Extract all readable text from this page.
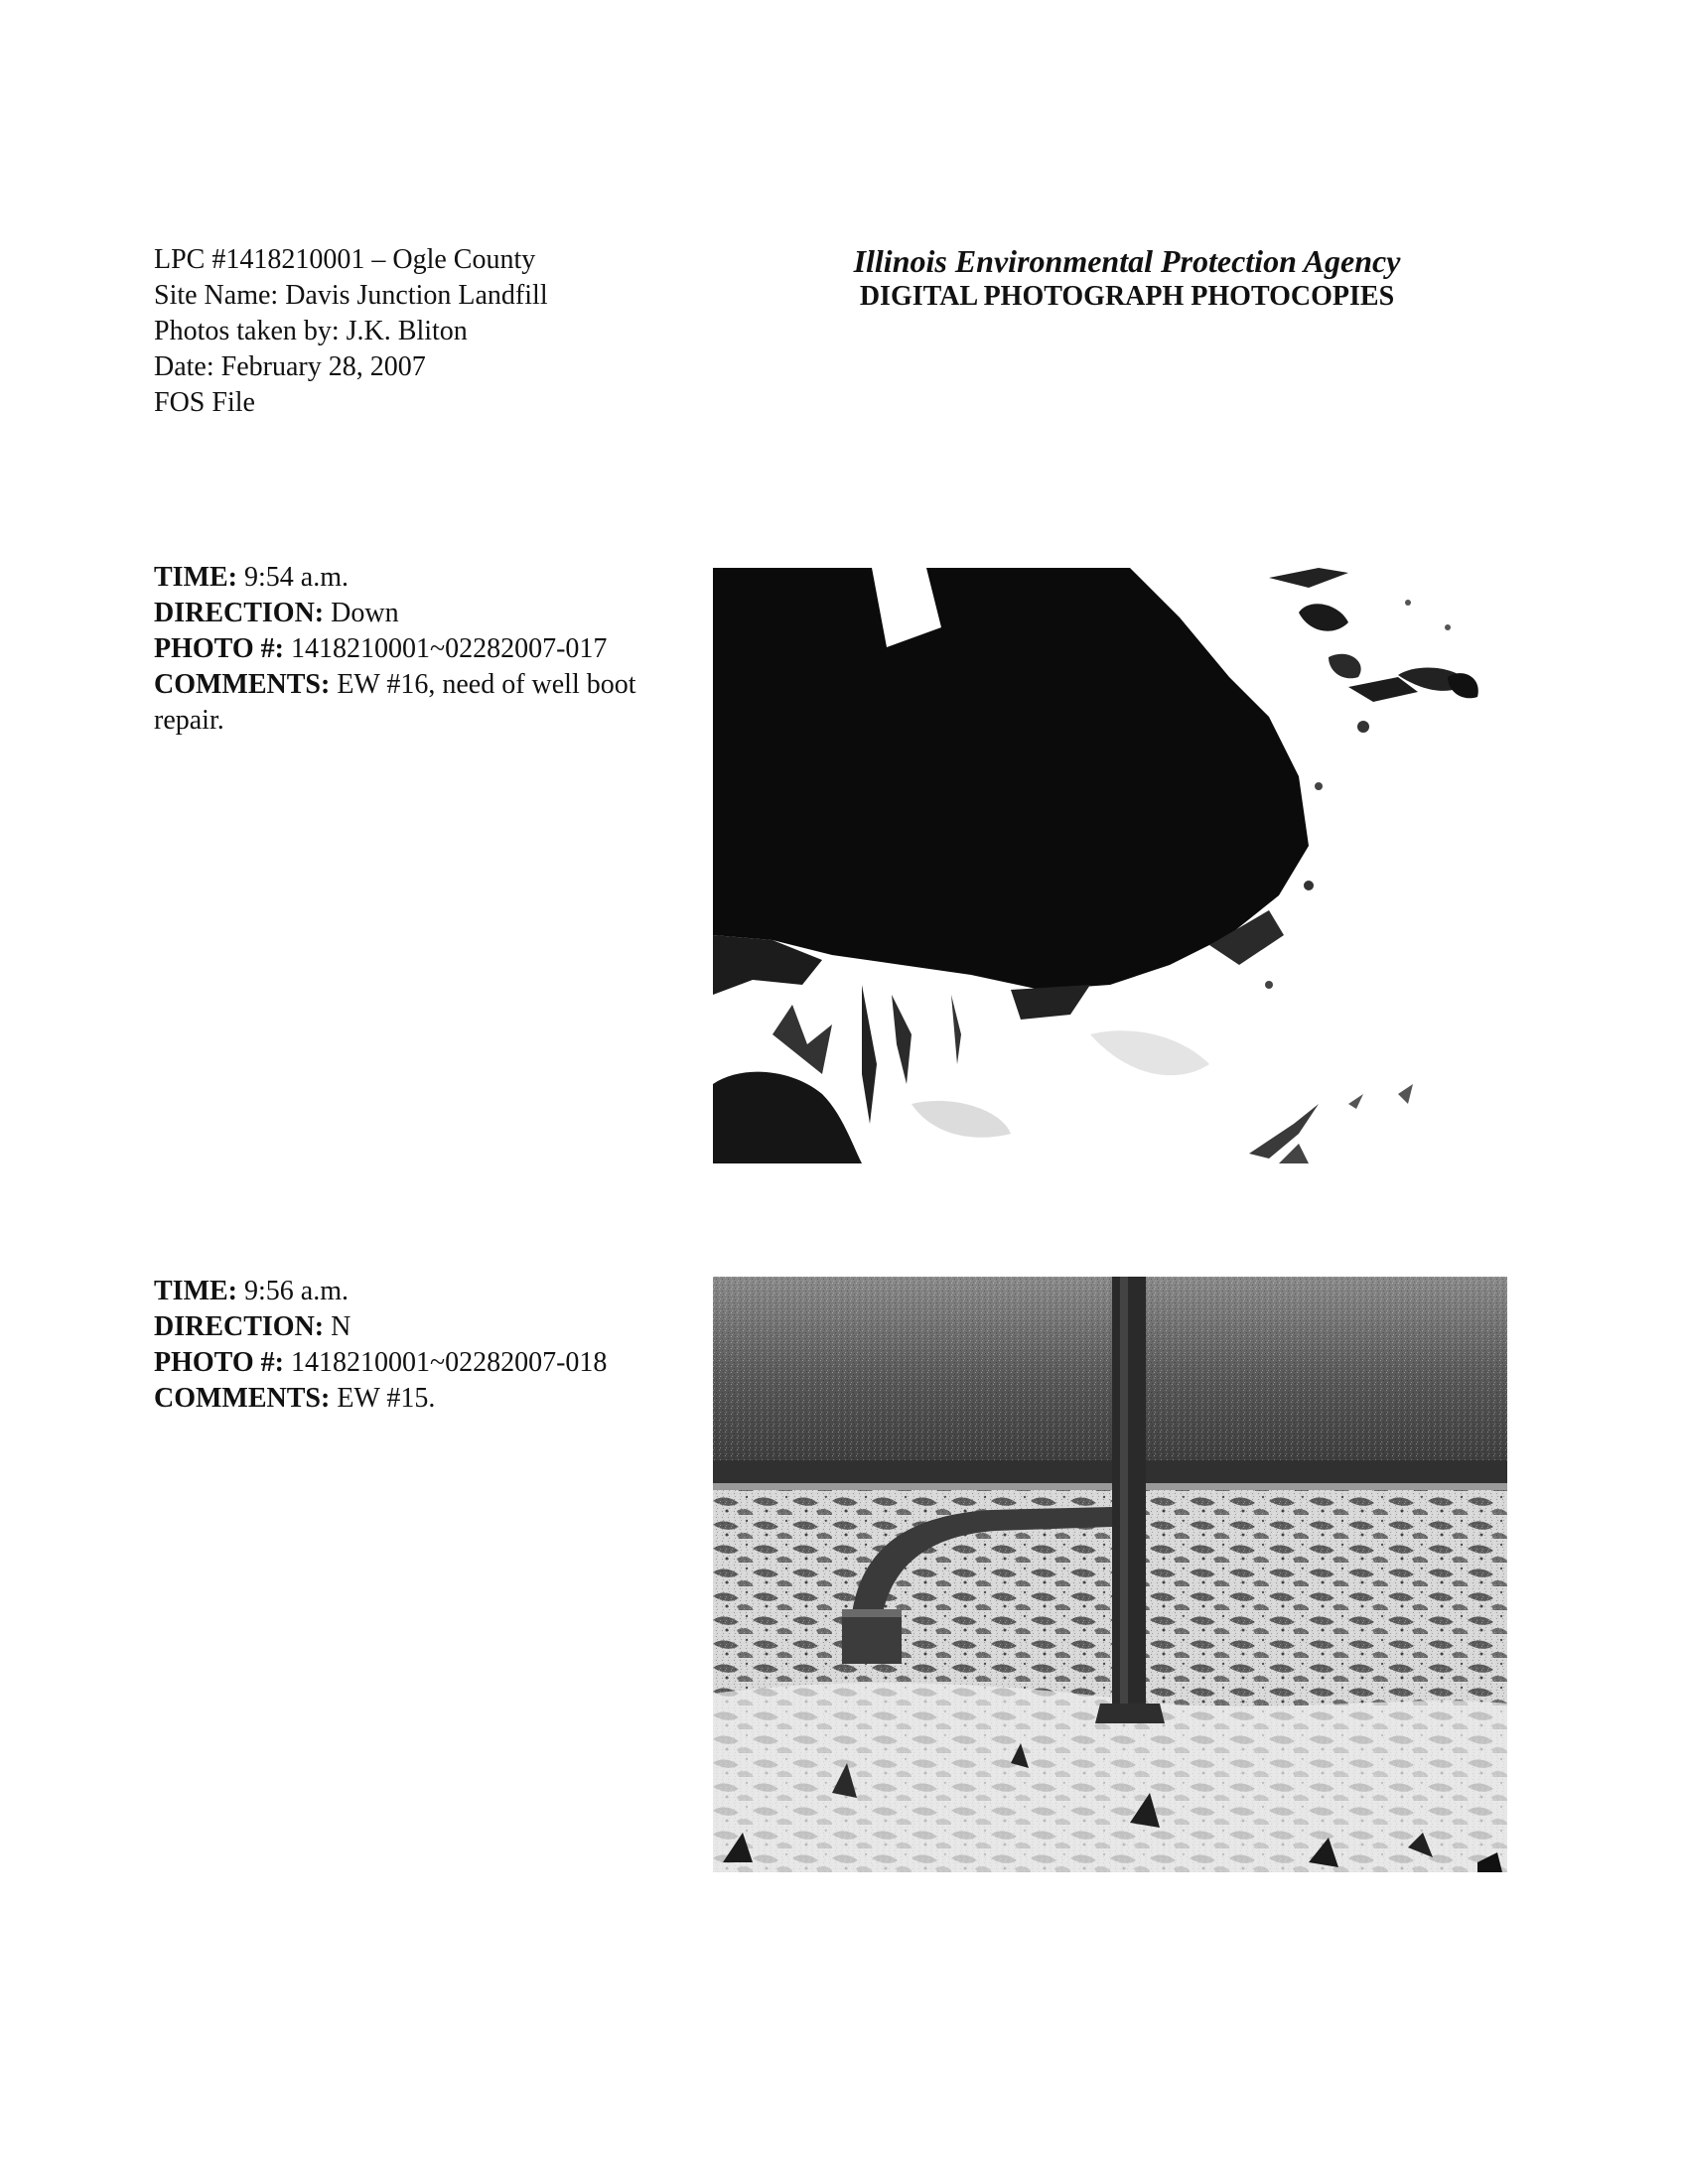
LPC #1418210001 – Ogle County
Site Name: Davis Junction Landfill
Photos taken by: J.K. Bliton
Date: February 28, 2007
FOS File
Illinois Environmental Protection Agency
DIGITAL PHOTOGRAPH PHOTOCOPIES
TIME: 9:54 a.m.
DIRECTION: Down
PHOTO #: 1418210001~02282007-017
COMMENTS: EW #16, need of well boot repair.
TIME: 9:56 a.m.
DIRECTION: N
PHOTO #: 1418210001~02282007-018
COMMENTS: EW #15.
